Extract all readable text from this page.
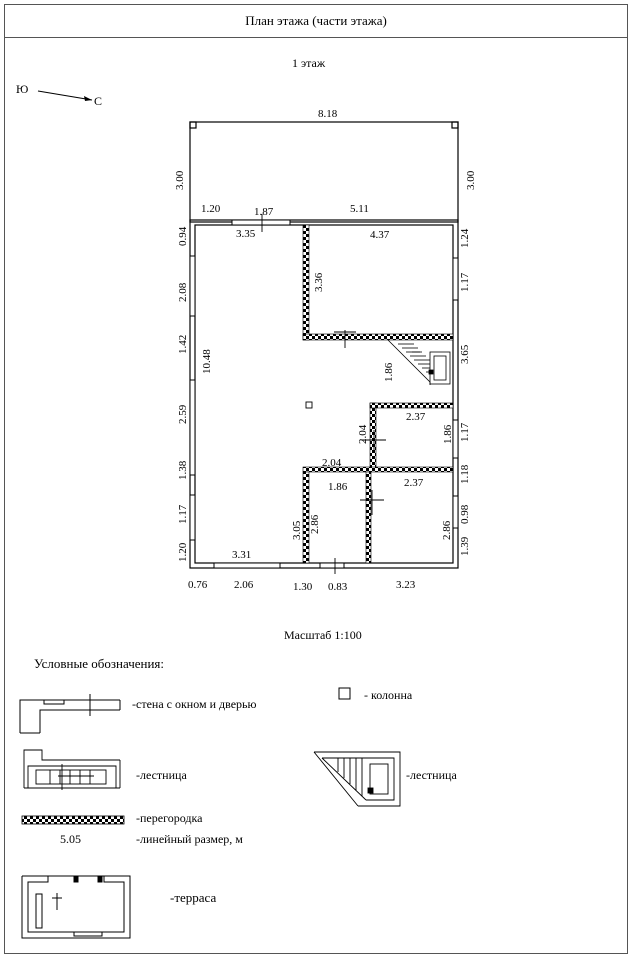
План этажа (части этажа)
1 этаж
Ю
С
8.18
3.00	3.00
1.20	1.87	5.11
3.35	4.37
3.36
0.94
2.08
1.42
2.59
1.38
1.17
1.20
10.48
1.24
1.17
3.65
1.17
1.18
0.98
1.39
1.86
2.37
2.04	1.86
2.04
1.86	2.37
3.05 2.86	2.86
3.31
0.76 2.06	1.30 0.83	3.23
Масштаб 1:100
Условные обозначения:
-стена с окном и дверью
- колонна
-лестница	-лестница
-перегородка
5.05	-линейный размер, м
-терраса
